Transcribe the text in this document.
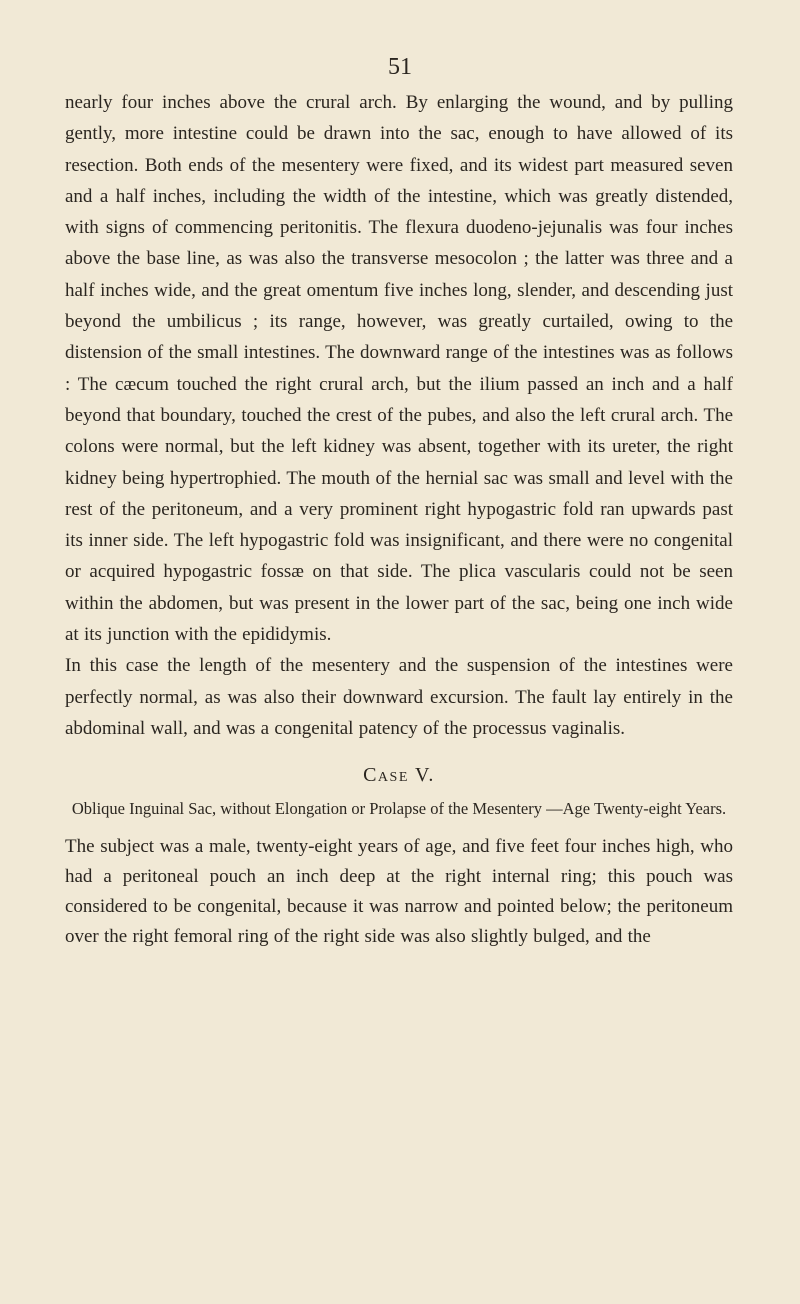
51

nearly four inches above the crural arch. By enlarging the wound, and by pulling gently, more intestine could be drawn into the sac, enough to have allowed of its resection. Both ends of the mesentery were fixed, and its widest part measured seven and a half inches, including the width of the intestine, which was greatly distended, with signs of commencing peritonitis. The flexura duodeno-jejunalis was four inches above the base line, as was also the transverse mesocolon ; the latter was three and a half inches wide, and the great omentum five inches long, slender, and descending just beyond the umbilicus ; its range, however, was greatly curtailed, owing to the distension of the small intestines. The downward range of the intestines was as follows : The cæcum touched the right crural arch, but the ilium passed an inch and a half beyond that boundary, touched the crest of the pubes, and also the left crural arch. The colons were normal, but the left kidney was absent, together with its ureter, the right kidney being hypertrophied. The mouth of the hernial sac was small and level with the rest of the peritoneum, and a very prominent right hypogastric fold ran upwards past its inner side. The left hypogastric fold was insignificant, and there were no congenital or acquired hypogastric fossæ on that side. The plica vascularis could not be seen within the abdomen, but was present in the lower part of the sac, being one inch wide at its junction with the epididymis.

In this case the length of the mesentery and the suspension of the intestines were perfectly normal, as was also their downward excursion. The fault lay entirely in the abdominal wall, and was a congenital patency of the processus vaginalis.

Case V.
Oblique Inguinal Sac, without Elongation or Prolapse of the Mesentery —Age Twenty-eight Years.

The subject was a male, twenty-eight years of age, and five feet four inches high, who had a peritoneal pouch an inch deep at the right internal ring; this pouch was considered to be congenital, because it was narrow and pointed below; the peritoneum over the right femoral ring of the right side was also slightly bulged, and the
